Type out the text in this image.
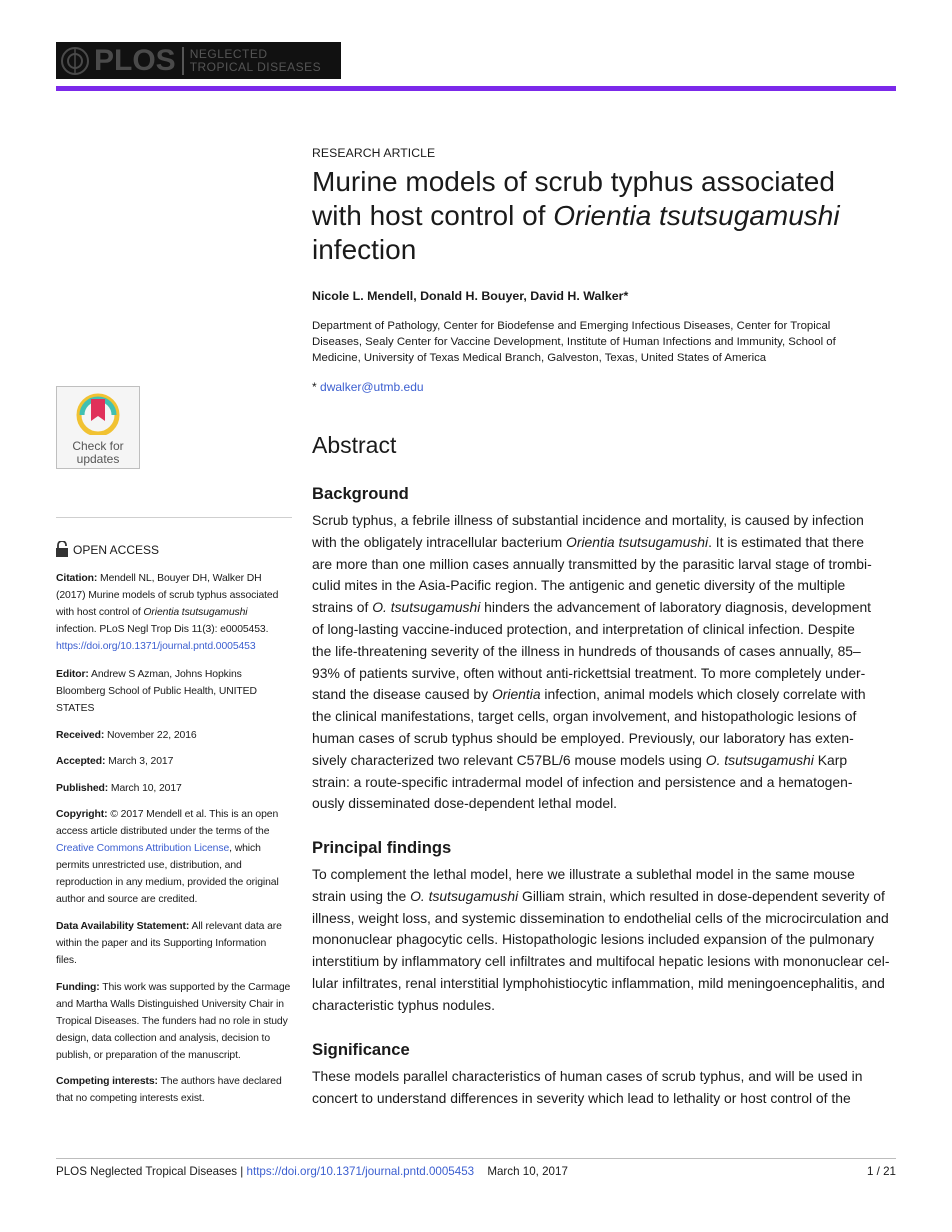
PLOS NEGLECTED
TROPICAL DISEASES
Check for
updates
OPEN ACCESS
Citation: Mendell NL, Bouyer DH, Walker DH
(2017) Murine models of scrub typhus associated
with host control of Orientia tsutsugamushi
infection. PLoS Negl Trop Dis 11(3): e0005453.
https://doi.org/10.1371/journal.pntd.0005453
Editor: Andrew S Azman, Johns Hopkins
Bloomberg School of Public Health, UNITED
STATES
Received: November 22, 2016
Accepted: March 3, 2017
Published: March 10, 2017
Copyright: © 2017 Mendell et al. This is an open
access article distributed under the terms of the
Creative Commons Attribution License, which
permits unrestricted use, distribution, and
reproduction in any medium, provided the original
author and source are credited.
Data Availability Statement: All relevant data are
within the paper and its Supporting Information
files.
Funding: This work was supported by the Carmage
and Martha Walls Distinguished University Chair in
Tropical Diseases. The funders had no role in study
design, data collection and analysis, decision to
publish, or preparation of the manuscript.
Competing interests: The authors have declared
that no competing interests exist.
RESEARCH ARTICLE
Murine models of scrub typhus associated
with host control of Orientia tsutsugamushi
infection
Nicole L. Mendell, Donald H. Bouyer, David H. Walker*
Department of Pathology, Center for Biodefense and Emerging Infectious Diseases, Center for Tropical
Diseases, Sealy Center for Vaccine Development, Institute of Human Infections and Immunity, School of
Medicine, University of Texas Medical Branch, Galveston, Texas, United States of America
* dwalker@utmb.edu
Abstract
Background
Scrub typhus, a febrile illness of substantial incidence and mortality, is caused by infection
with the obligately intracellular bacterium Orientia tsutsugamushi. It is estimated that there
are more than one million cases annually transmitted by the parasitic larval stage of trombi-
culid mites in the Asia-Pacific region. The antigenic and genetic diversity of the multiple
strains of O. tsutsugamushi hinders the advancement of laboratory diagnosis, development
of long-lasting vaccine-induced protection, and interpretation of clinical infection. Despite
the life-threatening severity of the illness in hundreds of thousands of cases annually, 85–
93% of patients survive, often without anti-rickettsial treatment. To more completely under-
stand the disease caused by Orientia infection, animal models which closely correlate with
the clinical manifestations, target cells, organ involvement, and histopathologic lesions of
human cases of scrub typhus should be employed. Previously, our laboratory has exten-
sively characterized two relevant C57BL/6 mouse models using O. tsutsugamushi Karp
strain: a route-specific intradermal model of infection and persistence and a hematogen-
ously disseminated dose-dependent lethal model.
Principal findings
To complement the lethal model, here we illustrate a sublethal model in the same mouse
strain using the O. tsutsugamushi Gilliam strain, which resulted in dose-dependent severity of
illness, weight loss, and systemic dissemination to endothelial cells of the microcirculation and
mononuclear phagocytic cells. Histopathologic lesions included expansion of the pulmonary
interstitium by inflammatory cell infiltrates and multifocal hepatic lesions with mononuclear cel-
lular infiltrates, renal interstitial lymphohistiocytic inflammation, mild meningoencephalitis, and
characteristic typhus nodules.
Significance
These models parallel characteristics of human cases of scrub typhus, and will be used in
concert to understand differences in severity which lead to lethality or host control of the
PLOS Neglected Tropical Diseases | https://doi.org/10.1371/journal.pntd.0005453 March 10, 2017	1 / 21
